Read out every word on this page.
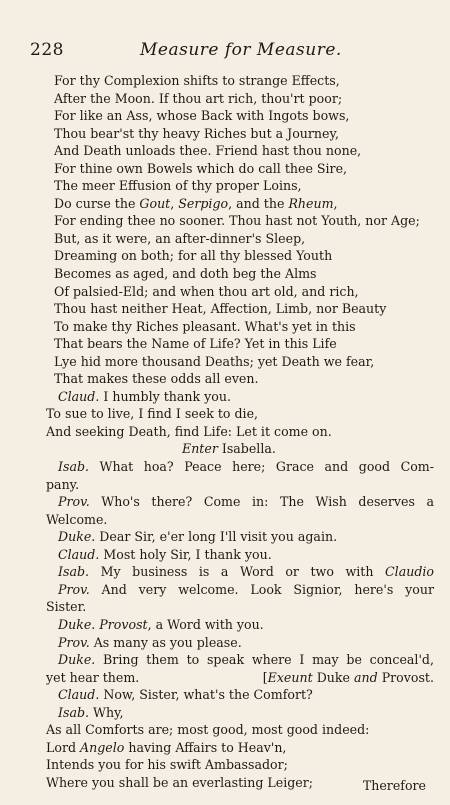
228	Measure for Measure.
For thy Complexion shifts to strange Effects,
After the Moon. If thou art rich, thou'rt poor;
For like an Ass, whose Back with Ingots bows,
Thou bear'st thy heavy Riches but a Journey,
And Death unloads thee. Friend hast thou none,
For thine own Bowels which do call thee Sire,
The meer Effusion of thy proper Loins,
Do curse the Gout, Serpigo, and the Rheum,
For ending thee no sooner. Thou hast not Youth, nor Age;
But, as it were, an after-dinner's Sleep,
Dreaming on both; for all thy blessed Youth
Becomes as aged, and doth beg the Alms
Of palsied-Eld; and when thou art old, and rich,
Thou hast neither Heat, Affection, Limb, nor Beauty
To make thy Riches pleasant. What's yet in this
That bears the Name of Life? Yet in this Life
Lye hid more thousand Deaths; yet Death we fear,
That makes these odds all even.
Claud. I humbly thank you.
To sue to live, I find I seek to die,
And seeking Death, find Life: Let it come on.
Enter Isabella.
Isab. What hoa? Peace here; Grace and good Com-
pany.
Prov. Who's there? Come in: The Wish deserves a
Welcome.
Duke. Dear Sir, e'er long I'll visit you again.
Claud. Most holy Sir, I thank you.
Isab. My business is a Word or two with Claudio
Prov. And very welcome. Look Signior, here's your
Sister.
Duke. Provost, a Word with you.
Prov. As many as you please.
Duke. Bring them to speak where I may be conceal'd,
[Exeunt Duke and Provost.
yet hear them.
Claud. Now, Sister, what's the Comfort?
Isab. Why,
As all Comforts are; most good, most good indeed:
Lord Angelo having Affairs to Heav'n,
Intends you for his swift Ambassador;
Where you shall be an everlasting Leiger;	Therefore
